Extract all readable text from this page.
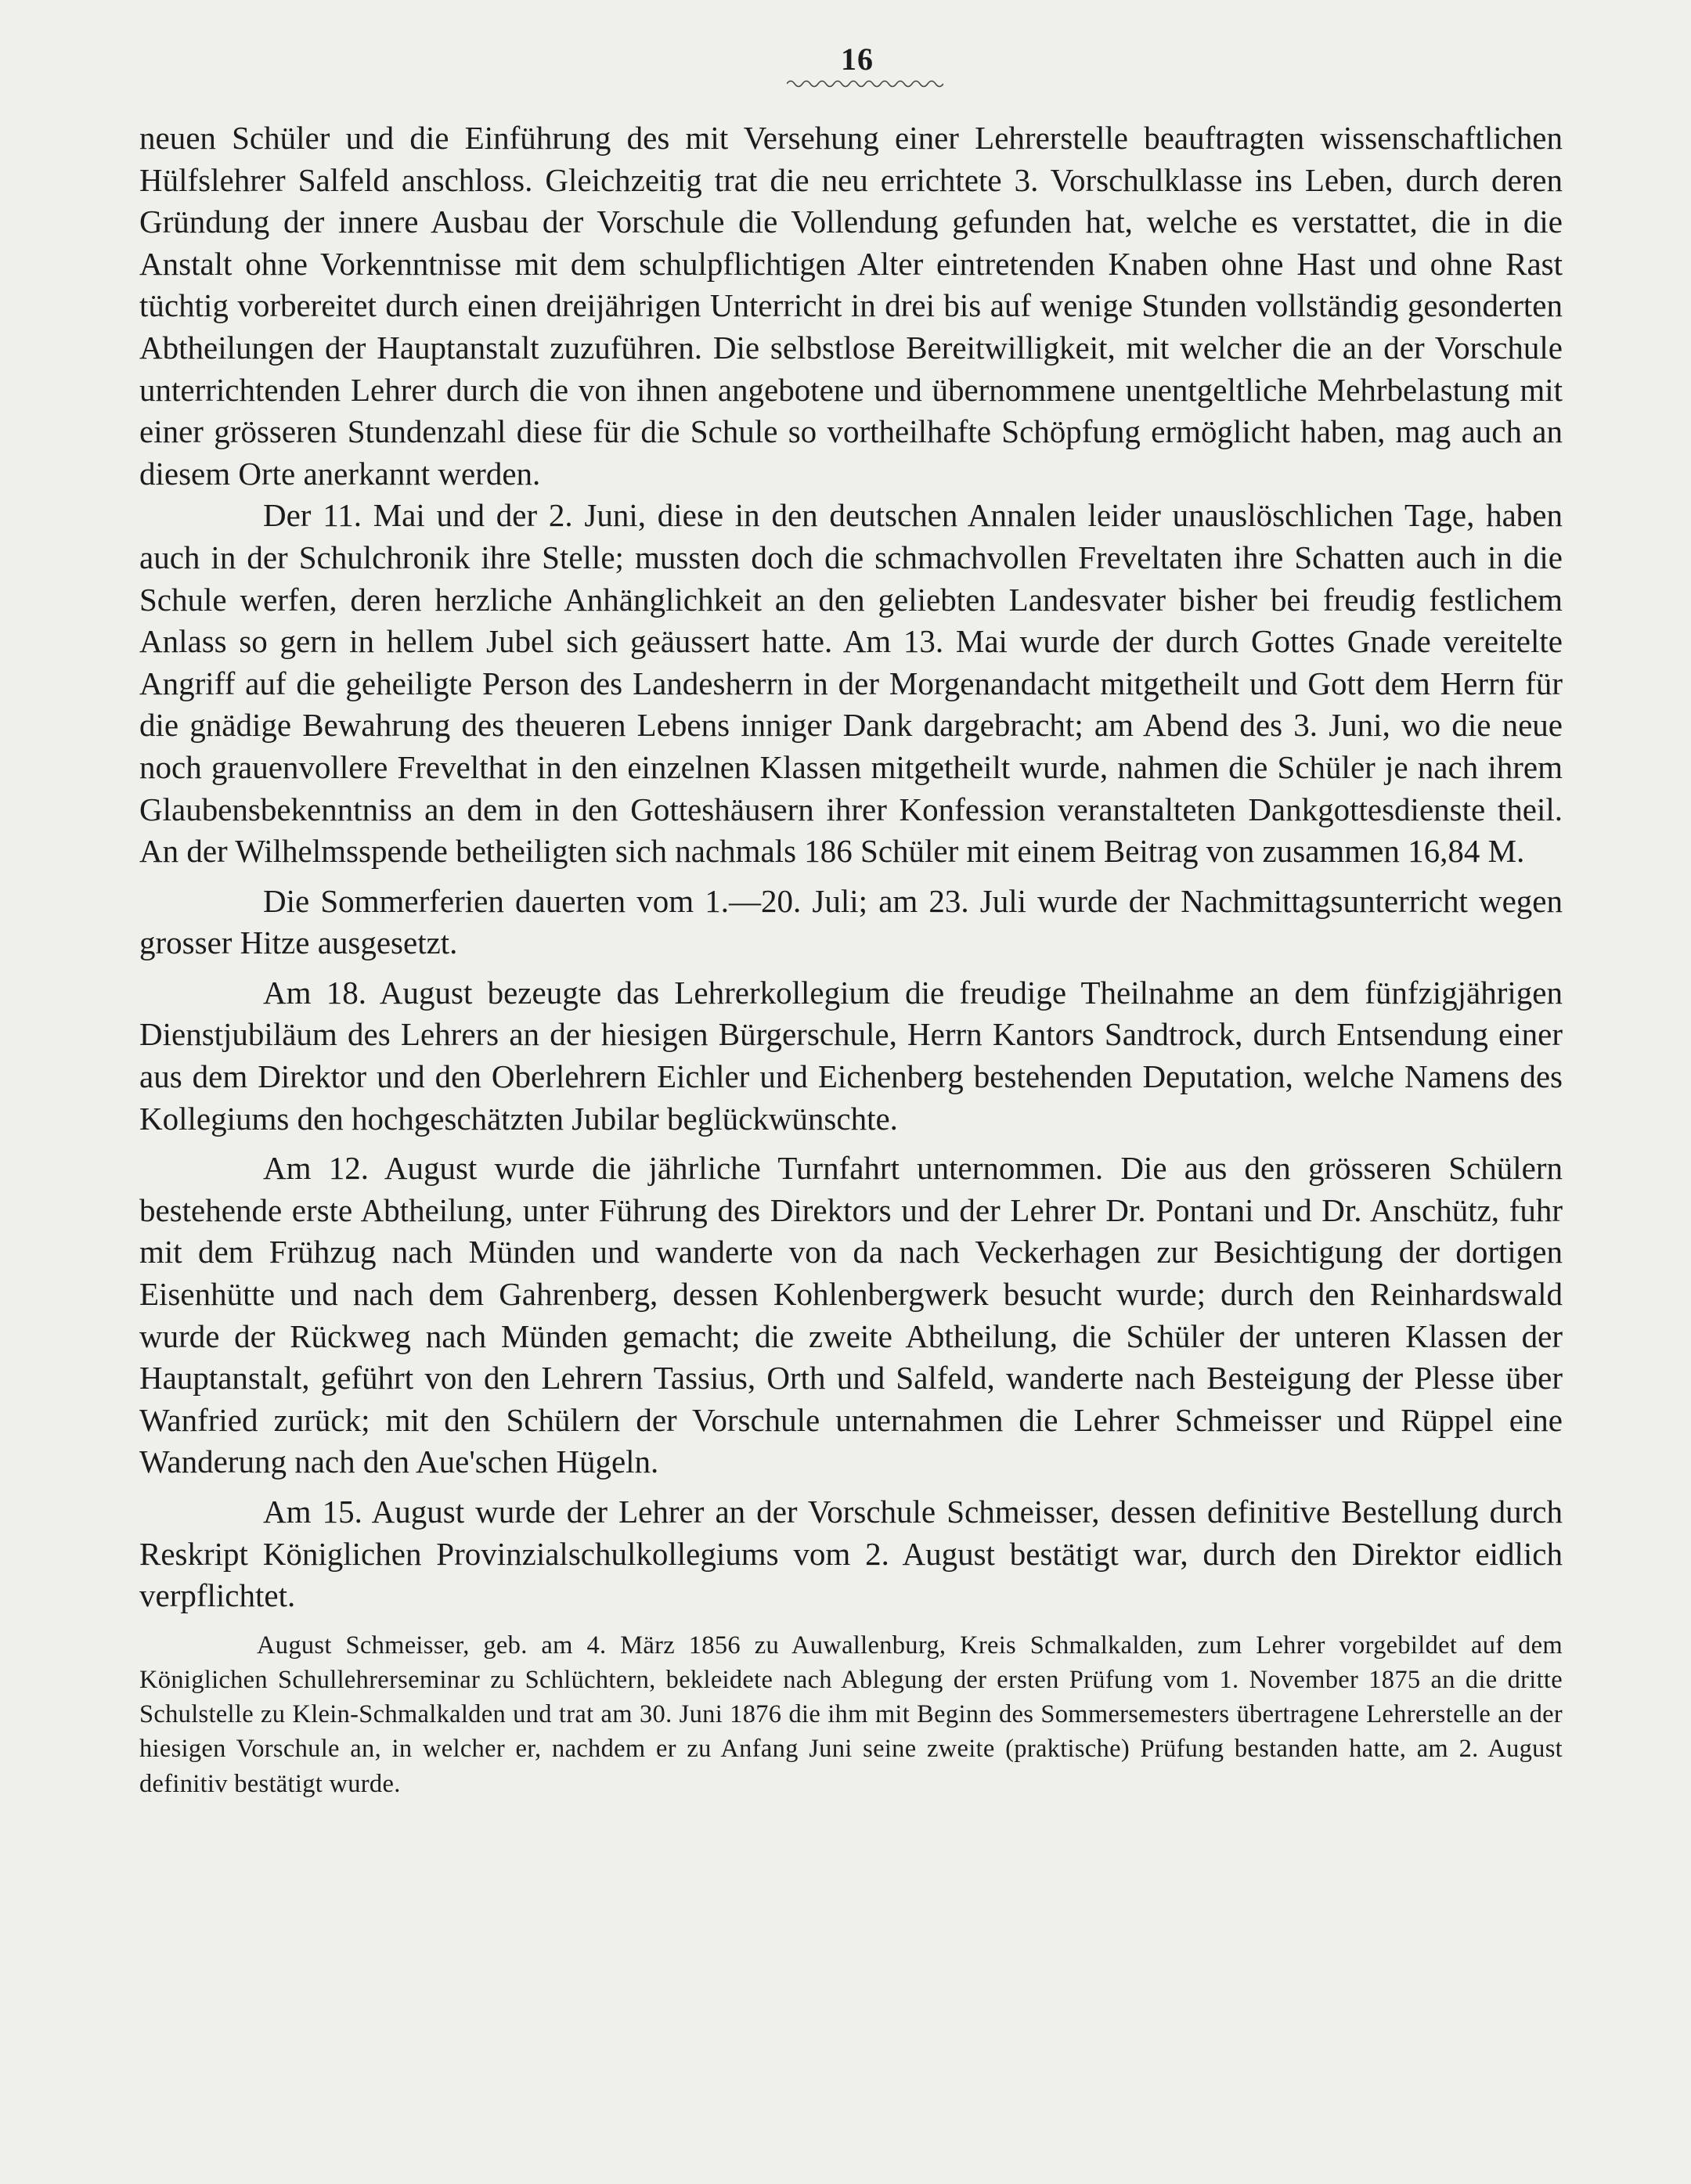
16

neuen Schüler und die Einführung des mit Versehung einer Lehrerstelle beauftragten wissenschaftlichen Hülfslehrer Salfeld anschloss. Gleichzeitig trat die neu errichtete 3. Vorschulklasse ins Leben, durch deren Gründung der innere Ausbau der Vorschule die Vollendung gefunden hat, welche es verstattet, die in die Anstalt ohne Vorkenntnisse mit dem schulpflichtigen Alter eintretenden Knaben ohne Hast und ohne Rast tüchtig vorbereitet durch einen dreijährigen Unterricht in drei bis auf wenige Stunden vollständig gesonderten Abtheilungen der Hauptanstalt zuzuführen. Die selbstlose Bereitwilligkeit, mit welcher die an der Vorschule unterrichtenden Lehrer durch die von ihnen angebotene und übernommene unentgeltliche Mehrbelastung mit einer grösseren Stundenzahl diese für die Schule so vortheilhafte Schöpfung ermöglicht haben, mag auch an diesem Orte anerkannt werden.

Der 11. Mai und der 2. Juni, diese in den deutschen Annalen leider unauslöschlichen Tage, haben auch in der Schulchronik ihre Stelle; mussten doch die schmachvollen Freveltaten ihre Schatten auch in die Schule werfen, deren herzliche Anhänglichkeit an den geliebten Landesvater bisher bei freudig festlichem Anlass so gern in hellem Jubel sich geäussert hatte. Am 13. Mai wurde der durch Gottes Gnade vereitelte Angriff auf die geheiligte Person des Landesherrn in der Morgenandacht mitgetheilt und Gott dem Herrn für die gnädige Bewahrung des theueren Lebens inniger Dank dargebracht; am Abend des 3. Juni, wo die neue noch grauenvollere Frevelthat in den einzelnen Klassen mitgetheilt wurde, nahmen die Schüler je nach ihrem Glaubensbekenntniss an dem in den Gotteshäusern ihrer Konfession veranstalteten Dankgottesdienste theil. An der Wilhelmsspende betheiligten sich nachmals 186 Schüler mit einem Beitrag von zusammen 16,84 M.

Die Sommerferien dauerten vom 1.—20. Juli; am 23. Juli wurde der Nachmittagsunterricht wegen grosser Hitze ausgesetzt.

Am 18. August bezeugte das Lehrerkollegium die freudige Theilnahme an dem fünfzigjährigen Dienstjubiläum des Lehrers an der hiesigen Bürgerschule, Herrn Kantors Sandtrock, durch Entsendung einer aus dem Direktor und den Oberlehrern Eichler und Eichenberg bestehenden Deputation, welche Namens des Kollegiums den hochgeschätzten Jubilar beglückwünschte.

Am 12. August wurde die jährliche Turnfahrt unternommen. Die aus den grösseren Schülern bestehende erste Abtheilung, unter Führung des Direktors und der Lehrer Dr. Pontani und Dr. Anschütz, fuhr mit dem Frühzug nach Münden und wanderte von da nach Veckerhagen zur Besichtigung der dortigen Eisenhütte und nach dem Gahrenberg, dessen Kohlenbergwerk besucht wurde; durch den Reinhardswald wurde der Rückweg nach Münden gemacht; die zweite Abtheilung, die Schüler der unteren Klassen der Hauptanstalt, geführt von den Lehrern Tassius, Orth und Salfeld, wanderte nach Besteigung der Plesse über Wanfried zurück; mit den Schülern der Vorschule unternahmen die Lehrer Schmeisser und Rüppel eine Wanderung nach den Aue'schen Hügeln.

Am 15. August wurde der Lehrer an der Vorschule Schmeisser, dessen definitive Bestellung durch Reskript Königlichen Provinzialschulkollegiums vom 2. August bestätigt war, durch den Direktor eidlich verpflichtet.

August Schmeisser, geb. am 4. März 1856 zu Auwallenburg, Kreis Schmalkalden, zum Lehrer vorgebildet auf dem Königlichen Schullehrerseminar zu Schlüchtern, bekleidete nach Ablegung der ersten Prüfung vom 1. November 1875 an die dritte Schulstelle zu Klein-Schmalkalden und trat am 30. Juni 1876 die ihm mit Beginn des Sommersemesters übertragene Lehrerstelle an der hiesigen Vorschule an, in welcher er, nachdem er zu Anfang Juni seine zweite (praktische) Prüfung bestanden hatte, am 2. August definitiv bestätigt wurde.
